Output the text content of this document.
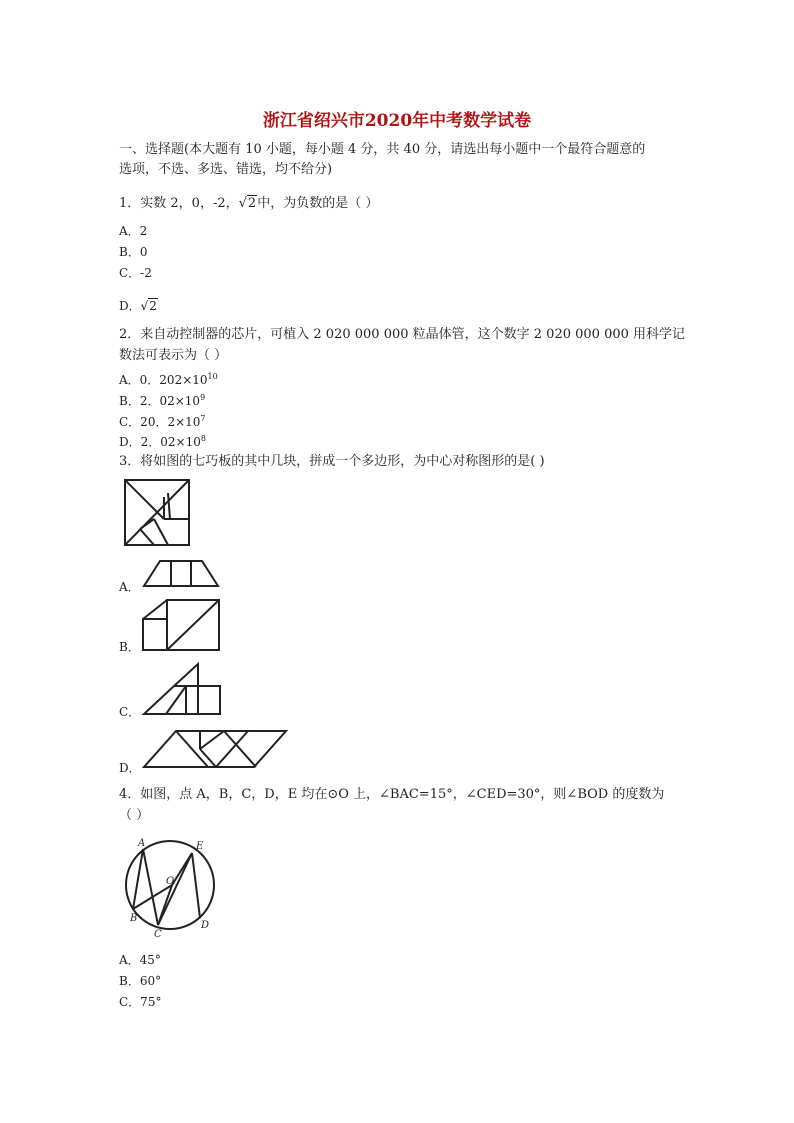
浙江省绍兴市2020年中考数学试卷
一、选择题(本大题有 10 小题，每小题 4 分，共 40 分，请选出每小题中一个最符合题意的
选项，不选、多选、错选，均不给分)
1．实数 2，0，-2，√2中，为负数的是（ ）
A．2
B．0
C．-2
D．√2
2．来自动控制器的芯片，可植入 2 020 000 000 粒晶体管，这个数字 2 020 000 000 用科学记
数法可表示为（ ）
A．0．$202\times 10^{10}$
B．2．$02\times 10^9$
C．20．$2\times 10^7$
D．2．$02\times 10^8$
3．将如图的七巧板的其中几块，拼成一个多边形，为中心对称图形的是( )
A．
B．
C．
D．
4．如图，点 A，B，C，D，E 均在⊙O 上，∠BAC=15°，∠CED=30°，则∠BOD 的度数为
（ ）
A	E
O
B
C
D
A．45°
B．60°
C．75°
